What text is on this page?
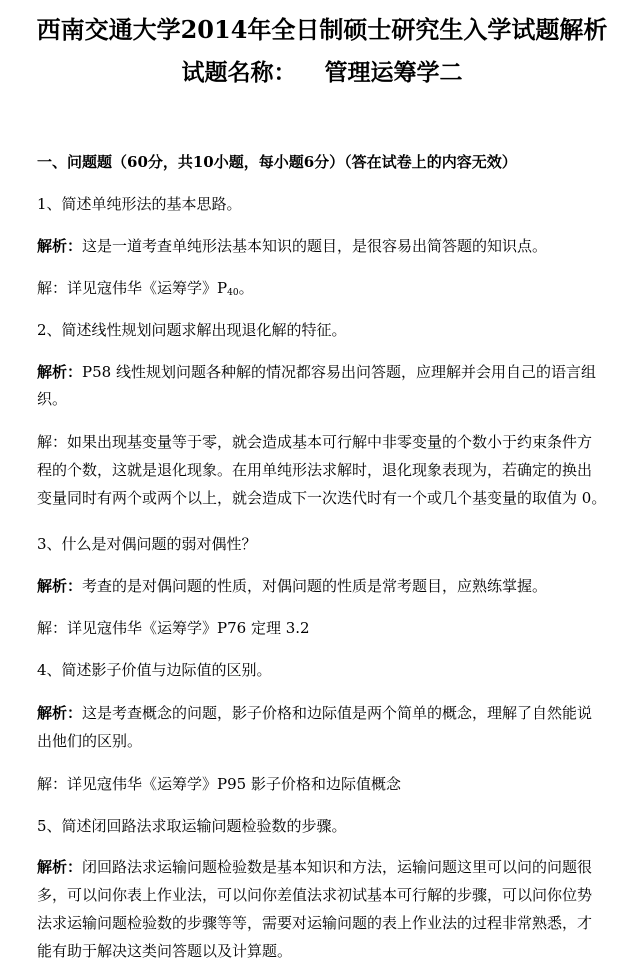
西南交通大学2014年全日制硕士研究生入学试题解析
试题名称： 管理运筹学二
一、问题题（60分，共10小题，每小题6分）（答在试卷上的内容无效）
1、简述单纯形法的基本思路。
解析：这是一道考查单纯形法基本知识的题目，是很容易出简答题的知识点。
解：详见寇伟华《运筹学》$P_{40}$。
2、简述线性规划问题求解出现退化解的特征。
解析：P58 线性规划问题各种解的情况都容易出问答题，应理解并会用自己的语言组
织。
解：如果出现基变量等于零，就会造成基本可行解中非零变量的个数小于约束条件方
程的个数，这就是退化现象。在用单纯形法求解时，退化现象表现为，若确定的换出
变量同时有两个或两个以上，就会造成下一次迭代时有一个或几个基变量的取值为 0。
3、什么是对偶问题的弱对偶性？
解析：考查的是对偶问题的性质，对偶问题的性质是常考题目，应熟练掌握。
解：详见寇伟华《运筹学》P76 定理 3.2
4、简述影子价值与边际值的区别。
解析：这是考查概念的问题，影子价格和边际值是两个简单的概念，理解了自然能说
出他们的区别。
解：详见寇伟华《运筹学》P95 影子价格和边际值概念
5、简述闭回路法求取运输问题检验数的步骤。
解析：闭回路法求运输问题检验数是基本知识和方法，运输问题这里可以问的问题很
多，可以问你表上作业法，可以问你差值法求初试基本可行解的步骤，可以问你位势
法求运输问题检验数的步骤等等，需要对运输问题的表上作业法的过程非常熟悉，才
能有助于解决这类问答题以及计算题。
